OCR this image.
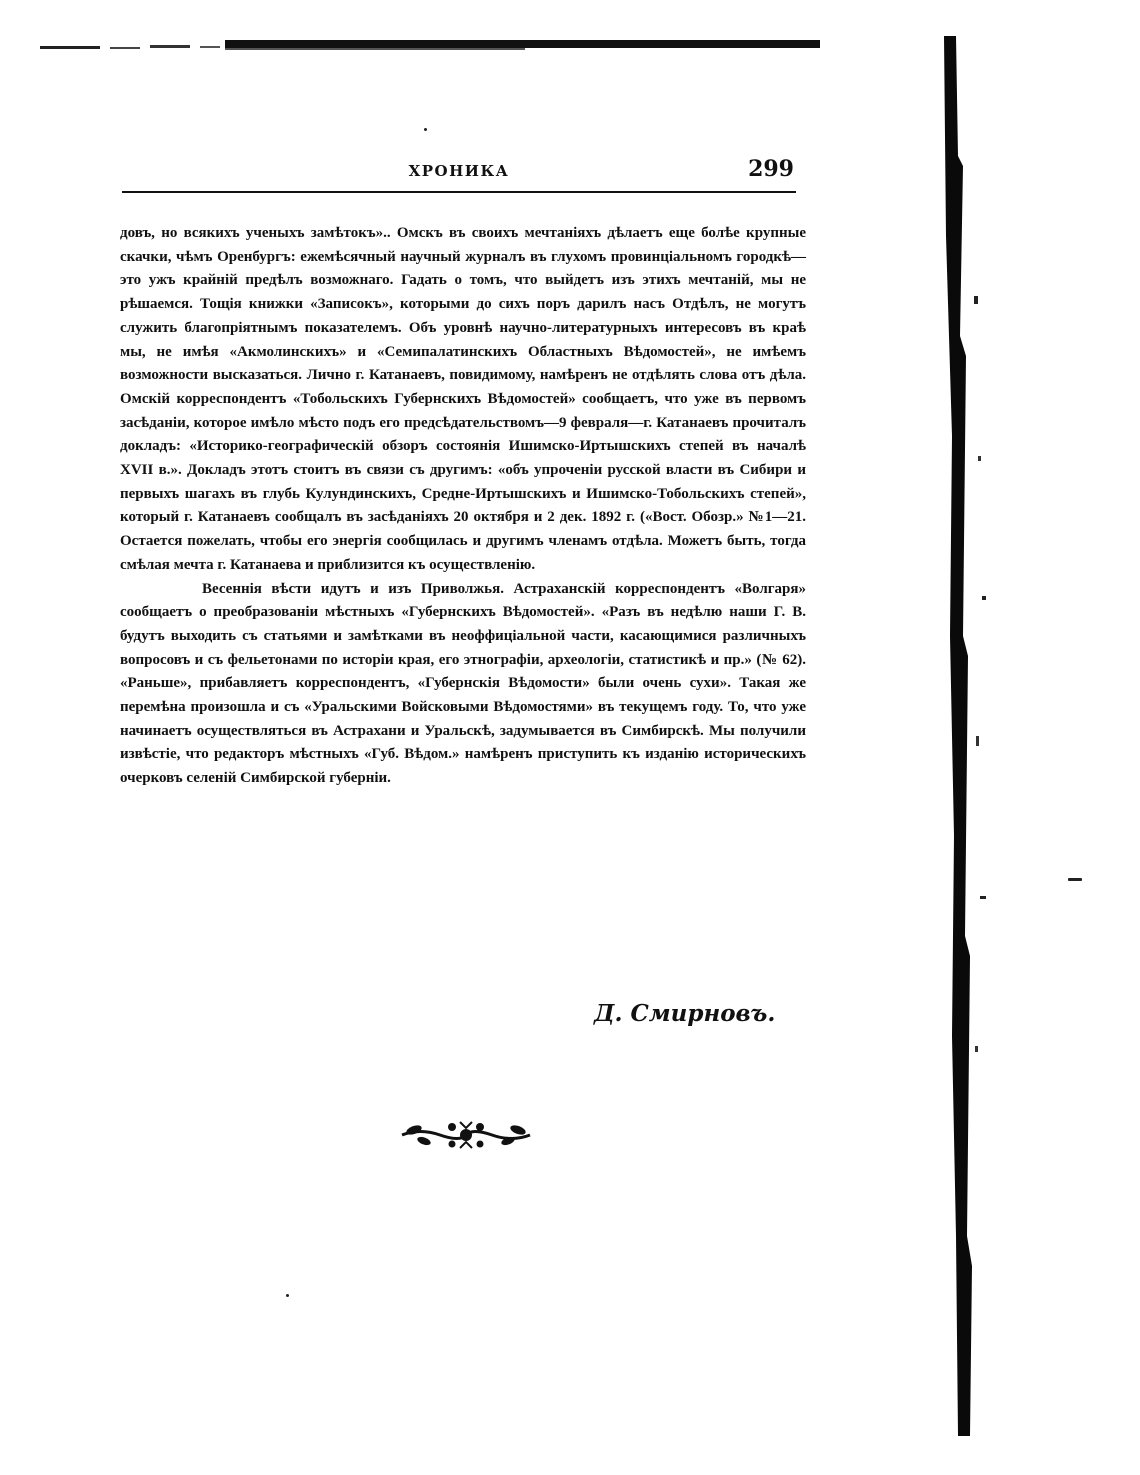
ХРОНИКА	299

довъ, но всякихъ ученыхъ замѣтокъ».. Омскъ въ своихъ мечтаніяхъ дѣлаетъ еще болѣе крупные скачки, чѣмъ Оренбургъ: ежемѣсячный научный журналъ въ глухомъ провинціальномъ городкѣ—это ужъ крайній предѣлъ возможнаго. Гадать о томъ, что выйдетъ изъ этихъ мечтаній, мы не рѣшаемся. Тощія книжки «Записокъ», которыми до сихъ поръ дарилъ насъ Отдѣлъ, не могутъ служить благопріятнымъ показателемъ. Объ уровнѣ научно-литературныхъ интересовъ въ краѣ мы, не имѣя «Акмолинскихъ» и «Семипалатинскихъ Областныхъ Вѣдомостей», не имѣемъ возможности высказаться. Лично г. Катанаевъ, повидимому, намѣренъ не отдѣлять слова отъ дѣла. Омскій корреспондентъ «Тобольскихъ Губернскихъ Вѣдомостей» сообщаетъ, что уже въ первомъ засѣданіи, которое имѣло мѣсто подъ его предсѣдательствомъ—9 февраля—г. Катанаевъ прочиталъ докладъ: «Историко-географическій обзоръ состоянія Ишимско-Иртышскихъ степей въ началѣ XVII в.». Докладъ этотъ стоитъ въ связи съ другимъ: «объ упроченіи русской власти въ Сибири и первыхъ шагахъ въ глубь Кулундинскихъ, Средне-Иртышскихъ и Ишимско-Тобольскихъ степей», который г. Катанаевъ сообщалъ въ засѣданіяхъ 20 октября и 2 дек. 1892 г. («Вост. Обозр.» №1—21. Остается пожелать, чтобы его энергія сообщилась и другимъ членамъ отдѣла. Можетъ быть, тогда смѣлая мечта г. Катанаева и приблизится къ осуществленію.

Весеннія вѣсти идутъ и изъ Приволжья. Астраханскій корреспондентъ «Волгаря» сообщаетъ о преобразованіи мѣстныхъ «Губернскихъ Вѣдомостей». «Разъ въ недѣлю наши Г. В. будутъ выходить съ статьями и замѣтками въ неоффиціальной части, касающимися различныхъ вопросовъ и съ фельетонами по исторіи края, его этнографіи, археологіи, статистикѣ и пр.» (№ 62). «Раньше», прибавляетъ корреспондентъ, «Губернскія Вѣдомости» были очень сухи». Такая же перемѣна произошла и съ «Уральскими Войсковыми Вѣдомостями» въ текущемъ году. То, что уже начинаетъ осуществляться въ Астрахани и Уральскѣ, задумывается въ Симбирскѣ. Мы получили извѣстіе, что редакторъ мѣстныхъ «Губ. Вѣдом.» намѣренъ приступить къ изданію историческихъ очерковъ селеній Симбирской губерніи.

Д. Смирновъ.
